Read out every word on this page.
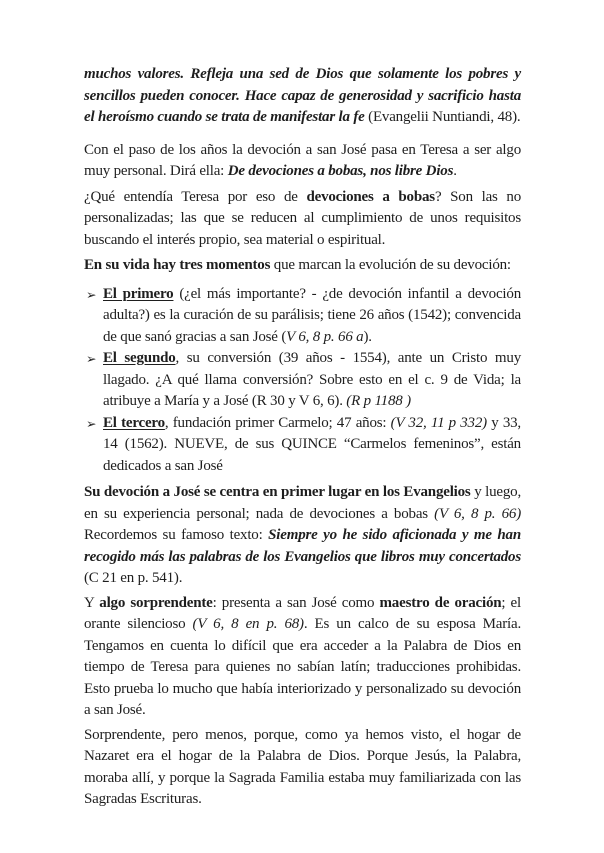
muchos valores. Refleja una sed de Dios que solamente los pobres y sencillos pueden conocer. Hace capaz de generosidad y sacrificio hasta el heroísmo cuando se trata de manifestar la fe (Evangelii Nuntiandi, 48).

Con el paso de los años la devoción a san José pasa en Teresa a ser algo muy personal. Dirá ella: De devociones a bobas, nos libre Dios.

¿Qué entendía Teresa por eso de devociones a bobas? Son las no personalizadas; las que se reducen al cumplimiento de unos requisitos buscando el interés propio, sea material o espiritual.

En su vida hay tres momentos que marcan la evolución de su devoción:

➢ El primero (¿el más importante? - ¿de devoción infantil a devoción adulta?) es la curación de su parálisis; tiene 26 años (1542); convencida de que sanó gracias a san José (V 6, 8 p. 66 a).
➢ El segundo, su conversión (39 años - 1554), ante un Cristo muy llagado. ¿A qué llama conversión? Sobre esto en el c. 9 de Vida; la atribuye a María y a José (R 30 y V 6, 6). (R p 1188 )
➢ El tercero, fundación primer Carmelo; 47 años: (V 32, 11 p 332) y 33, 14 (1562). NUEVE, de sus QUINCE “Carmelos femeninos”, están dedicados a san José

Su devoción a José se centra en primer lugar en los Evangelios y luego, en su experiencia personal; nada de devociones a bobas (V 6, 8 p. 66) Recordemos su famoso texto: Siempre yo he sido aficionada y me han recogido más las palabras de los Evangelios que libros muy concertados (C 21 en p. 541).

Y algo sorprendente: presenta a san José como maestro de oración; el orante silencioso (V 6, 8 en p. 68). Es un calco de su esposa María. Tengamos en cuenta lo difícil que era acceder a la Palabra de Dios en tiempo de Teresa para quienes no sabían latín; traducciones prohibidas. Esto prueba lo mucho que había interiorizado y personalizado su devoción a san José.

Sorprendente, pero menos, porque, como ya hemos visto, el hogar de Nazaret era el hogar de la Palabra de Dios. Porque Jesús, la Palabra, moraba allí, y porque la Sagrada Familia estaba muy familiarizada con las Sagradas Escrituras.
